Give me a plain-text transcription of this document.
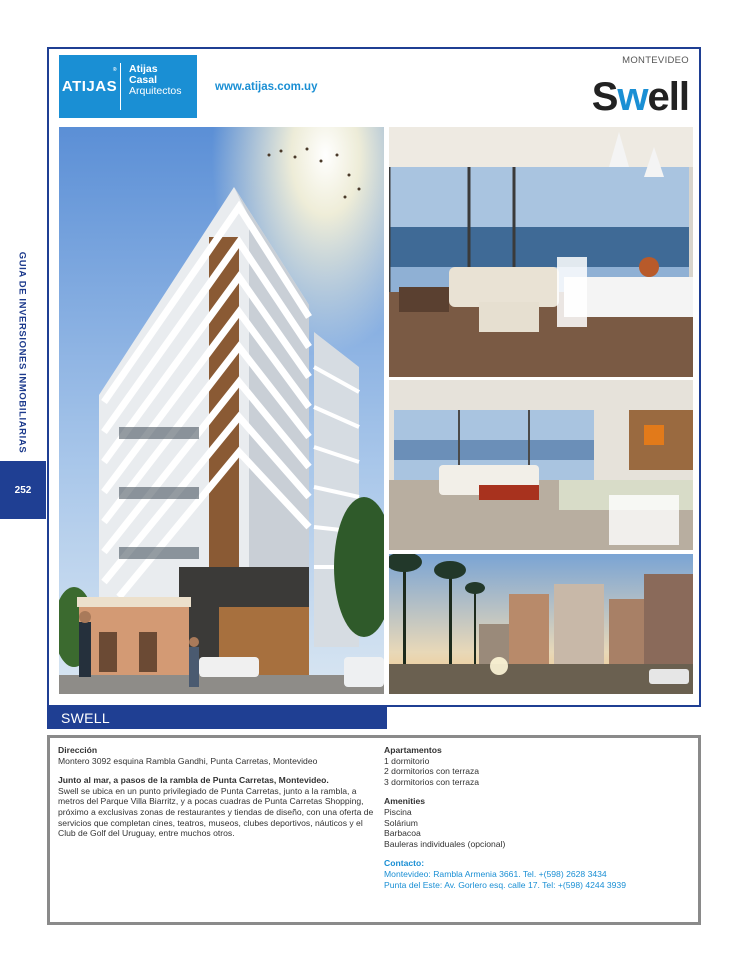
GUIA DE INVERSIONES INMOBILIARIAS
252
ATIJAS
® Atijas
Casal
Arquitectos	www.atijas.com.uy
MONTEVIDEO
Swell
SWELL
Dirección
Montero 3092 esquina Rambla Gandhi, Punta Carretas, Montevideo
Junto al mar, a pasos de la rambla de Punta Carretas, Montevideo.
Swell se ubica en un punto privilegiado de Punta Carretas, junto a la rambla, a metros del Parque Villa Biarritz, y a pocas cuadras de Punta Carretas Shopping, próximo a exclusivas zonas de restaurantes y tiendas de diseño, con una oferta de servicios que completan cines, teatros, museos, clubes deportivos, náuticos y el Club de Golf del Uruguay, entre muchos otros.
Apartamentos
1 dormitorio
2 dormitorios con terraza
3 dormitorios con terraza
Amenities
Piscina
Solárium
Barbacoa
Bauleras individuales (opcional)
Contacto:
Montevideo: Rambla Armenia 3661. Tel. +(598) 2628 3434
Punta del Este: Av. Gorlero esq. calle 17. Tel: +(598) 4244 3939
